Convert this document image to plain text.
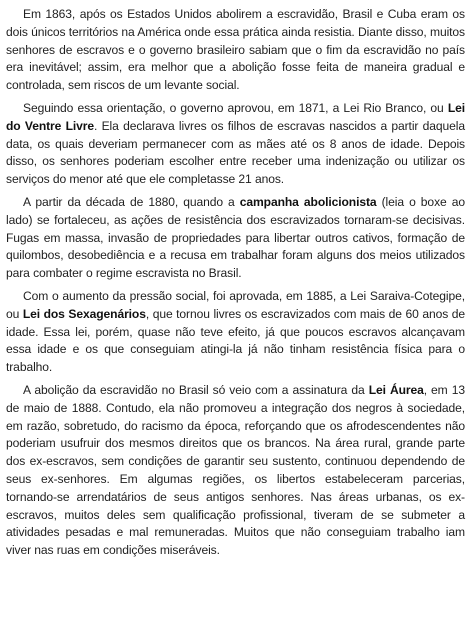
Em 1863, após os Estados Unidos abolirem a escravidão, Brasil e Cuba eram os dois únicos territórios na América onde essa prática ainda resistia. Diante disso, muitos senhores de escravos e o governo brasileiro sabiam que o fim da escravidão no país era inevitável; assim, era melhor que a abolição fosse feita de maneira gradual e controlada, sem riscos de um levante social.

Seguindo essa orientação, o governo aprovou, em 1871, a Lei Rio Branco, ou Lei do Ventre Livre. Ela declarava livres os filhos de escravas nascidos a partir daquela data, os quais deveriam permanecer com as mães até os 8 anos de idade. Depois disso, os senhores poderiam escolher entre receber uma indenização ou utilizar os serviços do menor até que ele completasse 21 anos.

A partir da década de 1880, quando a campanha abolicionista (leia o boxe ao lado) se fortaleceu, as ações de resistência dos escravizados tornaram-se decisivas. Fugas em massa, invasão de propriedades para libertar outros cativos, formação de quilombos, desobediência e a recusa em trabalhar foram alguns dos meios utilizados para combater o regime escravista no Brasil.

Com o aumento da pressão social, foi aprovada, em 1885, a Lei Saraiva-Cotegipe, ou Lei dos Sexagenários, que tornou livres os escravizados com mais de 60 anos de idade. Essa lei, porém, quase não teve efeito, já que poucos escravos alcançavam essa idade e os que conseguiam atingi-la já não tinham resistência física para o trabalho.

A abolição da escravidão no Brasil só veio com a assinatura da Lei Áurea, em 13 de maio de 1888. Contudo, ela não promoveu a integração dos negros à sociedade, em razão, sobretudo, do racismo da época, reforçando que os afrodescendentes não poderiam usufruir dos mesmos direitos que os brancos. Na área rural, grande parte dos ex-escravos, sem condições de garantir seu sustento, continuou dependendo de seus ex-senhores. Em algumas regiões, os libertos estabeleceram parcerias, tornando-se arrendatários de seus antigos senhores. Nas áreas urbanas, os ex-escravos, muitos deles sem qualificação profissional, tiveram de se submeter a atividades pesadas e mal remuneradas. Muitos que não conseguiam trabalho iam viver nas ruas em condições miseráveis.
